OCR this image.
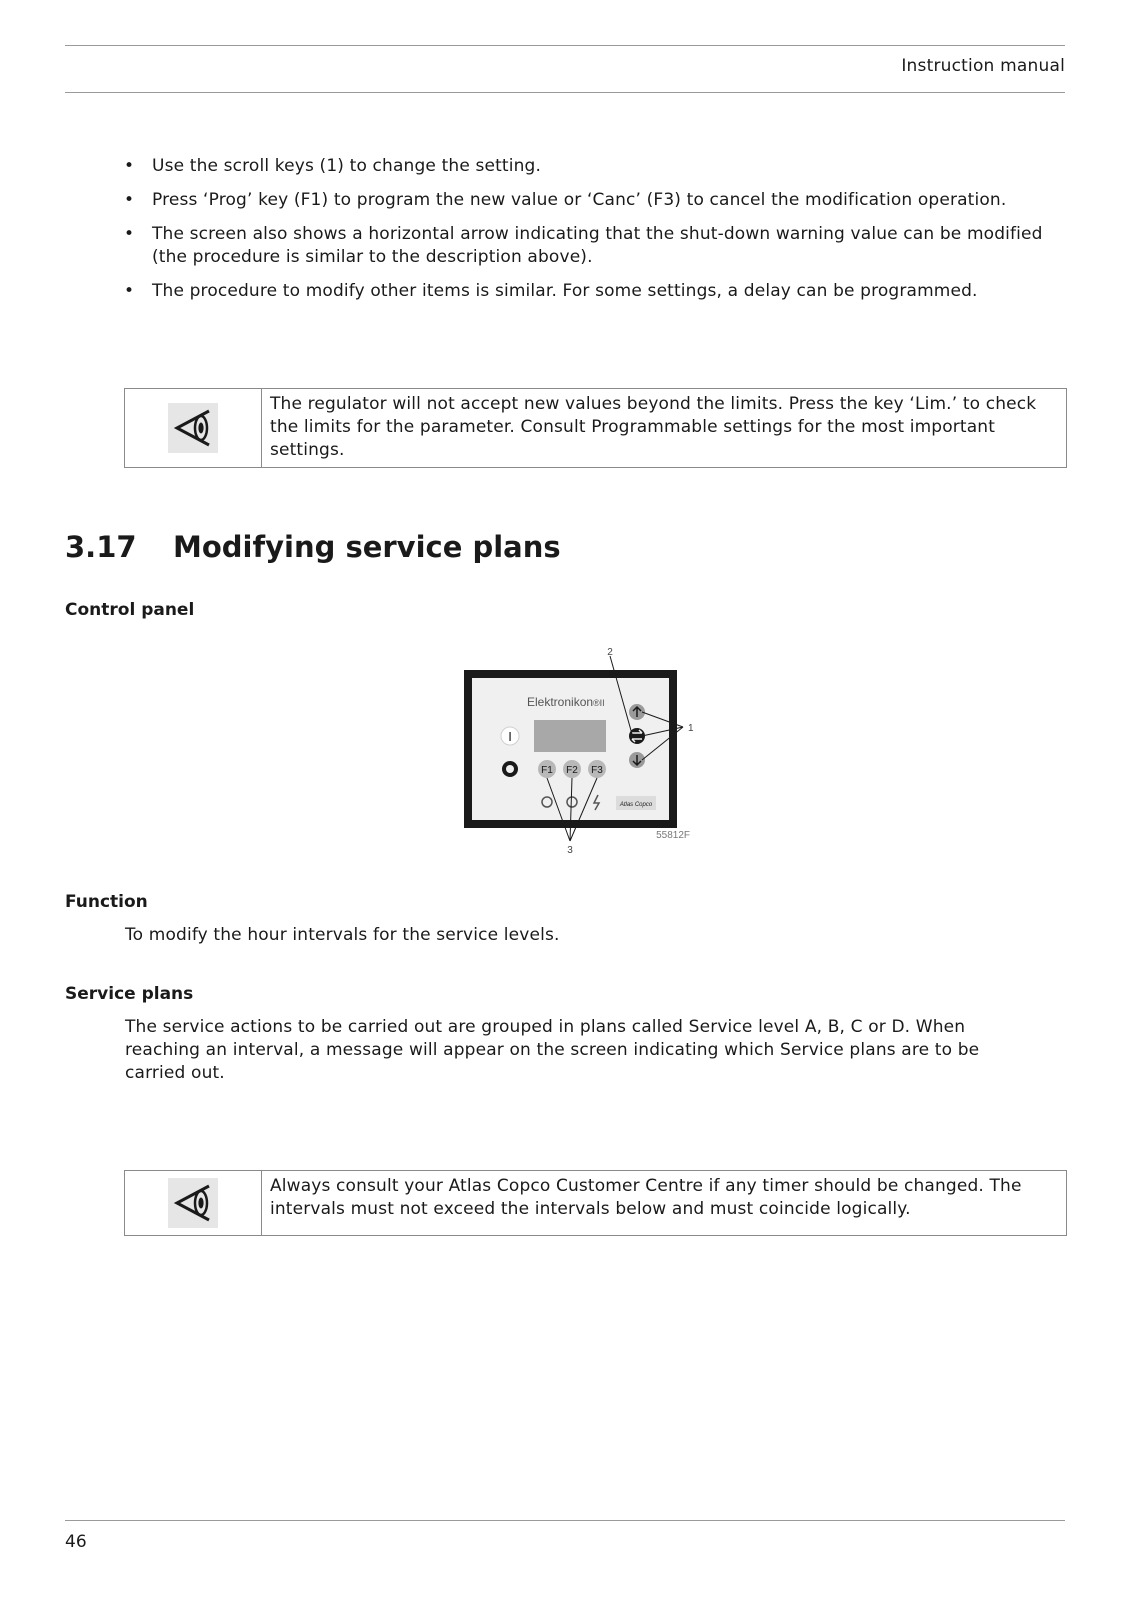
Instruction manual
• Use the scroll keys (1) to change the setting.
• Press ‘Prog’ key (F1) to program the new value or ‘Canc’ (F3) to cancel the modification operation.
• The screen also shows a horizontal arrow indicating that the shut-down warning value can be modified (the procedure is similar to the description above).
• The procedure to modify other items is similar. For some settings, a delay can be programmed.
The regulator will not accept new values beyond the limits. Press the key ‘Lim.’ to check the limits for the parameter. Consult Programmable settings for the most important settings.
3.17 Modifying service plans
Control panel
Elektronikon®II
I
F1 F2 F3
Atlas Copco
2
1
3
55812F
Function

To modify the hour intervals for the service levels.

Service plans

The service actions to be carried out are grouped in plans called Service level A, B, C or D. When reaching an interval, a message will appear on the screen indicating which Service plans are to be carried out.

Always consult your Atlas Copco Customer Centre if any timer should be changed. The intervals must not exceed the intervals below and must coincide logically.
46
